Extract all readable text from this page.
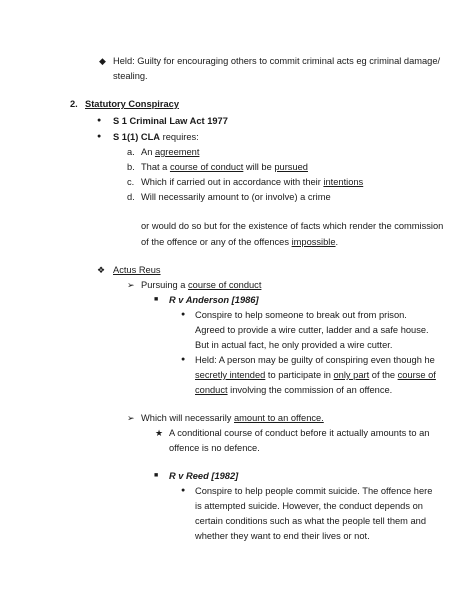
◆ Held: Guilty for encouraging others to commit criminal acts eg criminal damage/
stealing.
2. Statutory Conspiracy
● S 1 Criminal Law Act 1977
● S 1(1) CLA requires:
a. An agreement
b. That a course of conduct will be pursued
c. Which if carried out in accordance with their intentions
d. Will necessarily amount to (or involve) a crime
or would do so but for the existence of facts which render the commission
of the offence or any of the offences impossible.
❖ Actus Reus
➢ Pursuing a course of conduct
■ R v Anderson [1986]
● Conspire to help someone to break out from prison.
Agreed to provide a wire cutter, ladder and a safe house.
But in actual fact, he only provided a wire cutter.
● Held: A person may be guilty of conspiring even though he
secretly intended to participate in only part of the course of
conduct involving the commission of an offence.
➢ Which will necessarily amount to an offence.
★ A conditional course of conduct before it actually amounts to an
offence is no defence.
■ R v Reed [1982]
● Conspire to help people commit suicide. The offence here
is attempted suicide. However, the conduct depends on
certain conditions such as what the people tell them and
whether they want to end their lives or not.
